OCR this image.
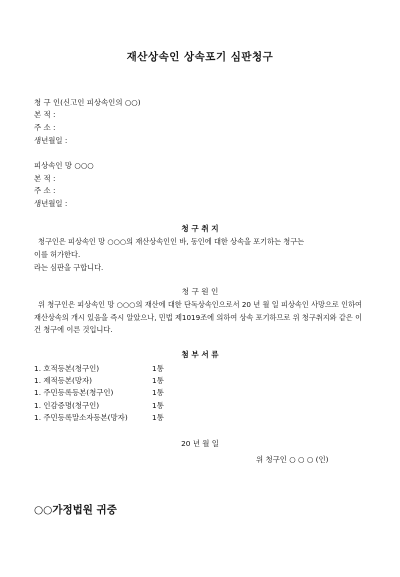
재산상속인 상속포기 심판청구
청 구 인(신고인 피상속인의 ○○)
본 적 :
주 소 :
생년월일 :
피상속인 망 ○○○
본 적 :
주 소 :
생년월일 :
청 구 취 지
청구인은 피상속인 망 ○○○의 재산상속인인 바, 동인에 대한 상속을 포기하는 청구는
이를 허가한다.
라는 심판을 구합니다.
청 구 원 인

위 청구인은 피상속인 망 ○○○의 재산에 대한 단독상속인으로서 20 년 월 일 피상속인 사망으로 인하여 재산상속의 개시 있음을 즉시 알았으나, 민법 제1019조에 의하여 상속 포기하므로 위 청구취지와 같은 이 건 청구에 이른 것입니다.

첨 부 서 류
1. 호적등본(청구인)	1통
1. 제적등본(망자)	1통
1. 주민등록등본(청구인)	1통
1. 인감증명(청구인)	1통
1. 주민등록말소자등본(망자)	1통
20 년 월 일
위 청구인 ○ ○ ○ (인)
○○가정법원 귀중
